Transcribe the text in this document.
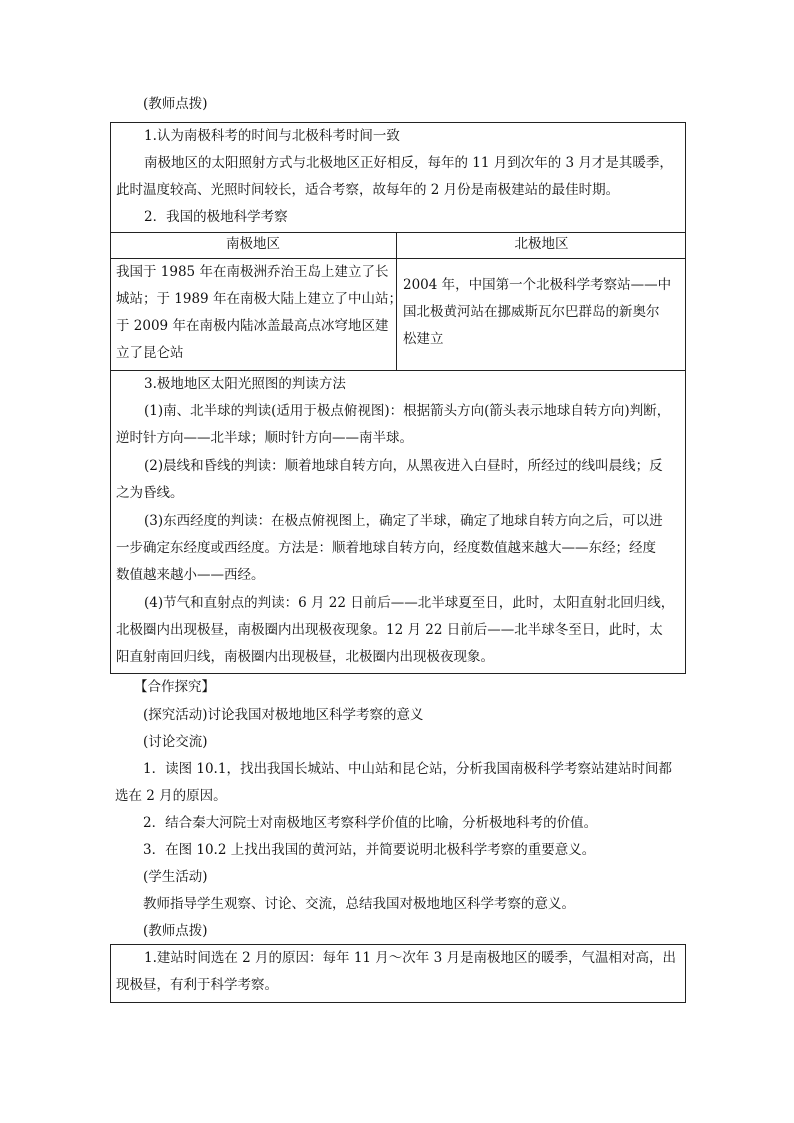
(教师点拨)
1.认为南极科考的时间与北极科考时间一致
南极地区的太阳照射方式与北极地区正好相反，每年的 11 月到次年的 3 月才是其暖季，
此时温度较高、光照时间较长，适合考察，故每年的 2 月份是南极建站的最佳时期。
2．我国的极地科学考察
南极地区	北极地区
我国于 1985 年在南极洲乔治王岛上建立了长
城站；于 1989 年在南极大陆上建立了中山站；
于 2009 年在南极内陆冰盖最高点冰穹地区建
立了昆仑站
2004 年，中国第一个北极科学考察站——中
国北极黄河站在挪威斯瓦尔巴群岛的新奥尔
松建立
3.极地地区太阳光照图的判读方法
(1)南、北半球的判读(适用于极点俯视图)：根据箭头方向(箭头表示地球自转方向)判断，
逆时针方向——北半球；顺时针方向——南半球。
(2)晨线和昏线的判读：顺着地球自转方向，从黑夜进入白昼时，所经过的线叫晨线；反
之为昏线。
(3)东西经度的判读：在极点俯视图上，确定了半球，确定了地球自转方向之后，可以进
一步确定东经度或西经度。方法是：顺着地球自转方向，经度数值越来越大——东经；经度
数值越来越小——西经。
(4)节气和直射点的判读：6 月 22 日前后——北半球夏至日，此时，太阳直射北回归线，
北极圈内出现极昼，南极圈内出现极夜现象。12 月 22 日前后——北半球冬至日，此时，太
阳直射南回归线，南极圈内出现极昼，北极圈内出现极夜现象。
【合作探究】
(探究活动)讨论我国对极地地区科学考察的意义
(讨论交流)
1．读图 10.1，找出我国长城站、中山站和昆仑站，分析我国南极科学考察站建站时间都
选在 2 月的原因。
2．结合秦大河院士对南极地区考察科学价值的比喻，分析极地科考的价值。
3．在图 10.2 上找出我国的黄河站，并简要说明北极科学考察的重要意义。
(学生活动)
教师指导学生观察、讨论、交流，总结我国对极地地区科学考察的意义。
(教师点拨)
1.建站时间选在 2 月的原因：每年 11 月～次年 3 月是南极地区的暖季，气温相对高，出
现极昼，有利于科学考察。
